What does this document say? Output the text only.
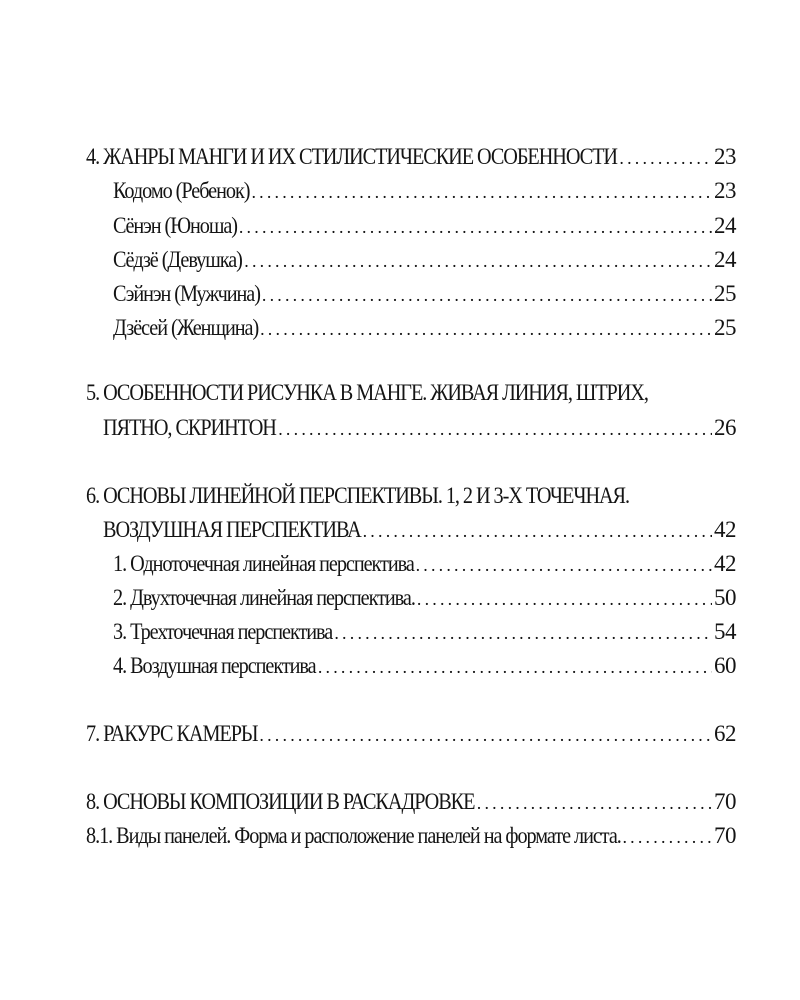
4. ЖАНРЫ МАНГИ И ИХ СТИЛИСТИЧЕСКИЕ ОСОБЕННОСТИ .....	23
Кодомо (Ребенок) .....	23
Сёнэн (Юноша) .....	24
Сёдзё (Девушка) .....	24
Сэйнэн (Мужчина) .....	25
Дзёсей (Женщина) .....	25
5. ОСОБЕННОСТИ РИСУНКА В МАНГЕ. ЖИВАЯ ЛИНИЯ, ШТРИХ,
ПЯТНО, СКРИНТОН .....	26
6. ОСНОВЫ ЛИНЕЙНОЙ ПЕРСПЕКТИВЫ. 1, 2 И 3-Х ТОЧЕЧНАЯ.
ВОЗДУШНАЯ ПЕРСПЕКТИВА .....	42
1. Одноточечная линейная перспектива .....	42
2. Двухточечная линейная перспектива. .....	50
3. Трехточечная перспектива .....	54
4. Воздушная перспектива .....	60
7. РАКУРС КАМЕРЫ .....	62
8. ОСНОВЫ КОМПОЗИЦИИ В РАСКАДРОВКЕ .....	70
8.1. Виды панелей. Форма и расположение панелей на формате листа. .....	70
